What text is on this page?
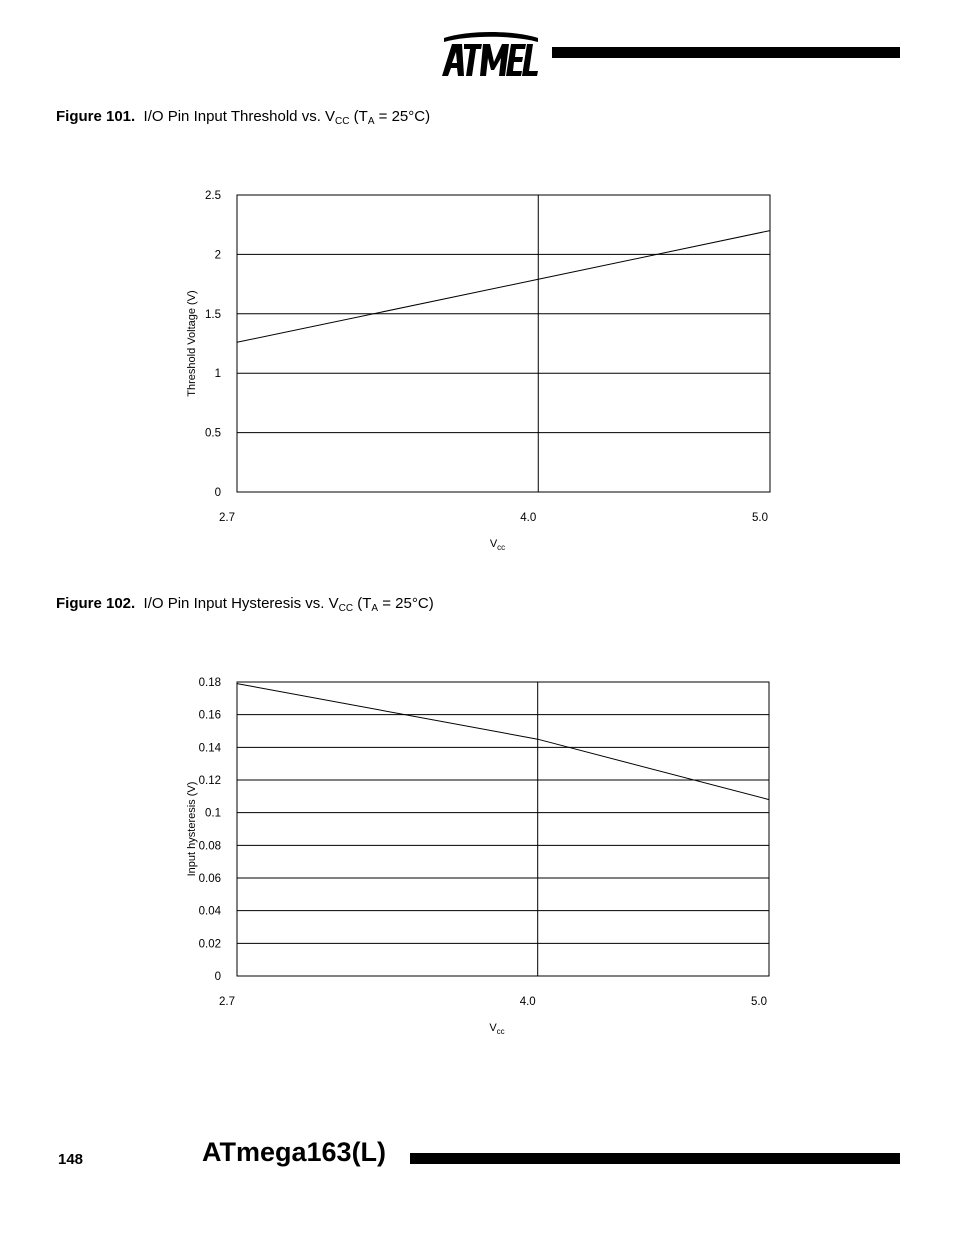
Figure 101. I/O Pin Input Threshold vs. $V_{CC}$ $(T_A = 25^\circ C)$
0
0.5
1
1.5
2
2.5
2.7	4.0	5.0
Threshold Voltage (V)
$V_{cc}$
Figure 102. I/O Pin Input Hysteresis vs. $V_{CC}$ $(T_A = 25^\circ C)$
0
0.02
0.04
0.06
0.08
0.1
0.12
0.14
0.16
0.18
2.7	4.0	5.0
Input hysteresis (V)
$V_{cc}$
148	ATmega163(L)
